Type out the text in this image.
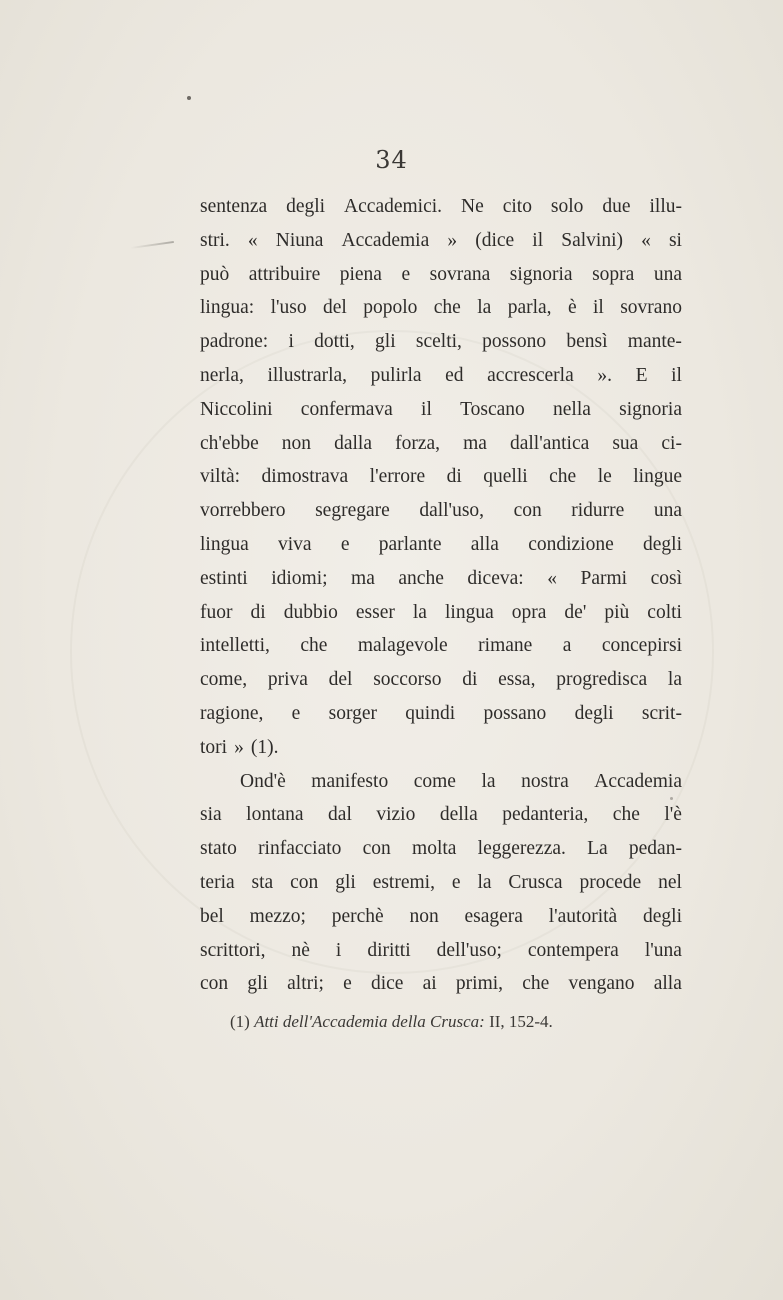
34
sentenza degli Accademici. Ne cito solo due illu-
stri. « Niuna Accademia » (dice il Salvini) « si
può attribuire piena e sovrana signoria sopra una
lingua: l'uso del popolo che la parla, è il sovrano
padrone: i dotti, gli scelti, possono bensì mante-
nerla, illustrarla, pulirla ed accrescerla ». E il
Niccolini confermava il Toscano nella signoria
ch'ebbe non dalla forza, ma dall'antica sua ci-
viltà: dimostrava l'errore di quelli che le lingue
vorrebbero segregare dall'uso, con ridurre una
lingua viva e parlante alla condizione degli
estinti idiomi; ma anche diceva: « Parmi così
fuor di dubbio esser la lingua opra de' più colti
intelletti, che malagevole rimane a concepirsi
come, priva del soccorso di essa, progredisca la
ragione, e sorger quindi possano degli scrit-
tori » (1).
Ond'è manifesto come la nostra Accademia
sia lontana dal vizio della pedanteria, che l'è
stato rinfacciato con molta leggerezza. La pedan-
teria sta con gli estremi, e la Crusca procede nel
bel mezzo; perchè non esagera l'autorità degli
scrittori, nè i diritti dell'uso; contempera l'una
con gli altri; e dice ai primi, che vengano alla
(1) Atti dell'Accademia della Crusca: II, 152-4.
